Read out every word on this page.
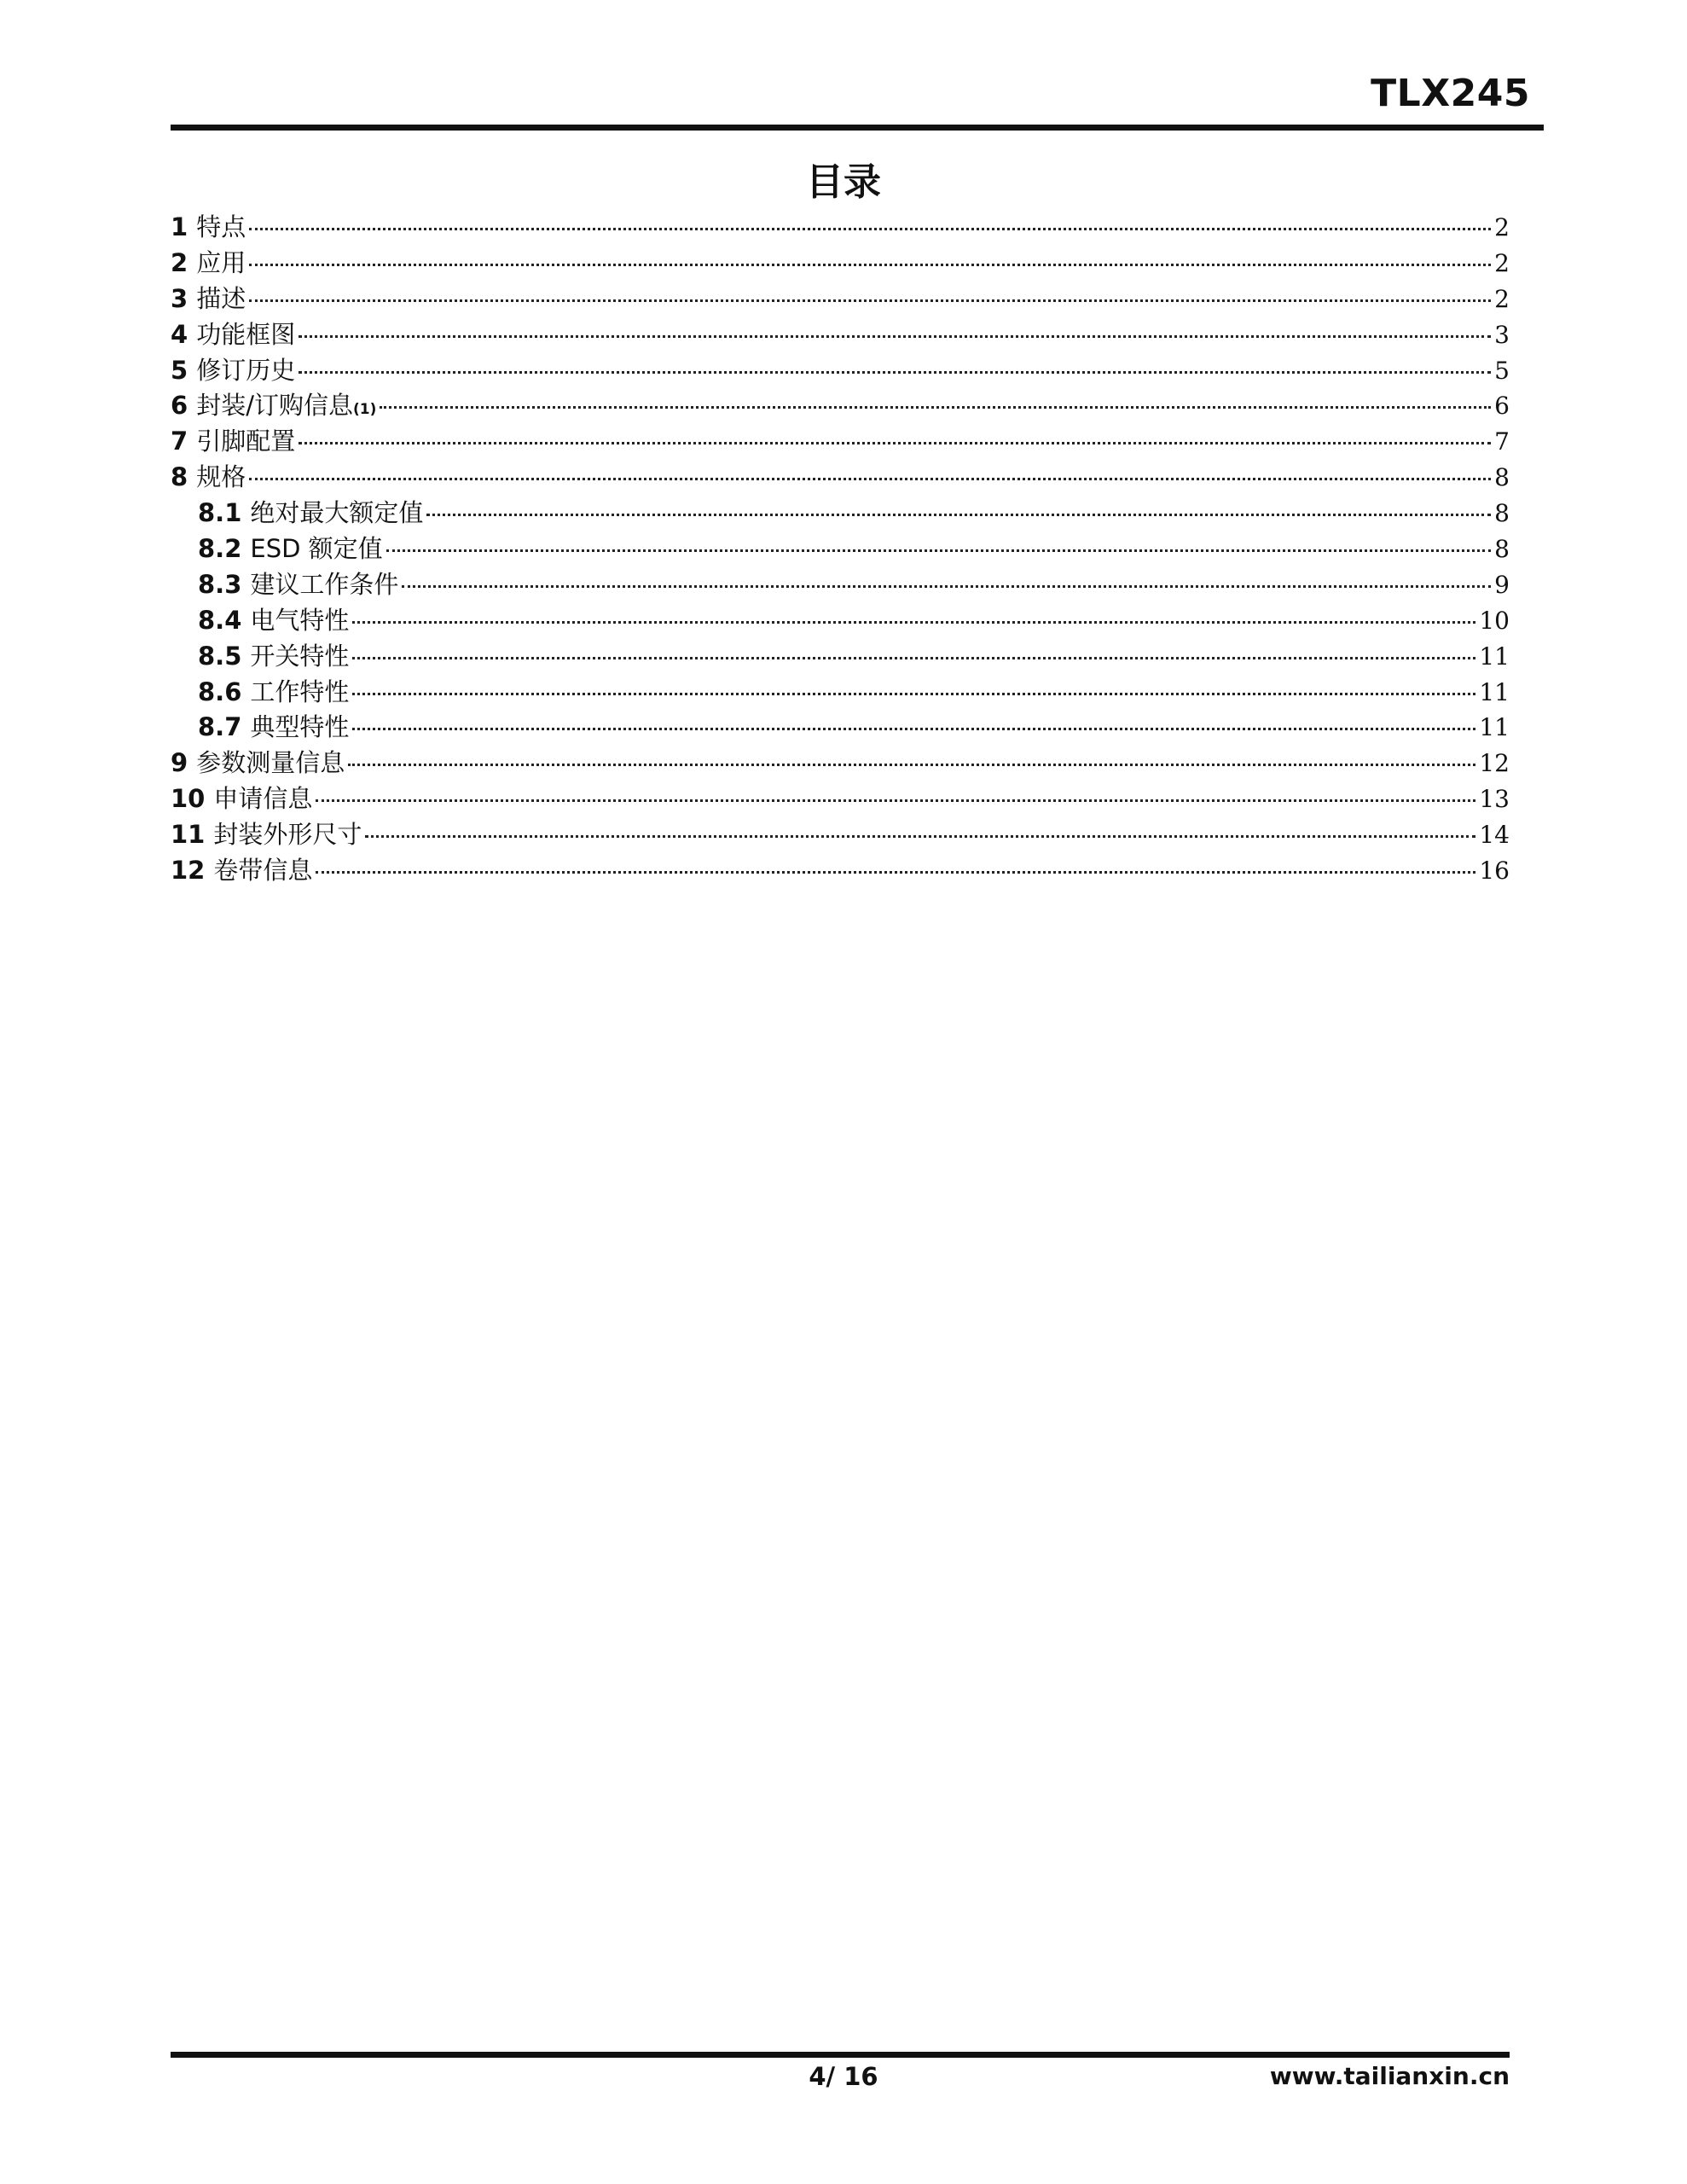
TLX245
目录
1 特点	2
2 应用	2
3 描述	2
4 功能框图	3
5 修订历史	5
6 封装/订购信息 (1)	6
7 引脚配置	7
8 规格	8
8.1 绝对最大额定值	8
8.2 ESD 额定值	8
8.3 建议工作条件	9
8.4 电气特性	10
8.5 开关特性	11
8.6 工作特性	11
8.7 典型特性	11
9 参数测量信息	12
10 申请信息	13
11 封装外形尺寸	14
12 卷带信息	16
4/ 16	www.tailianxin.cn
